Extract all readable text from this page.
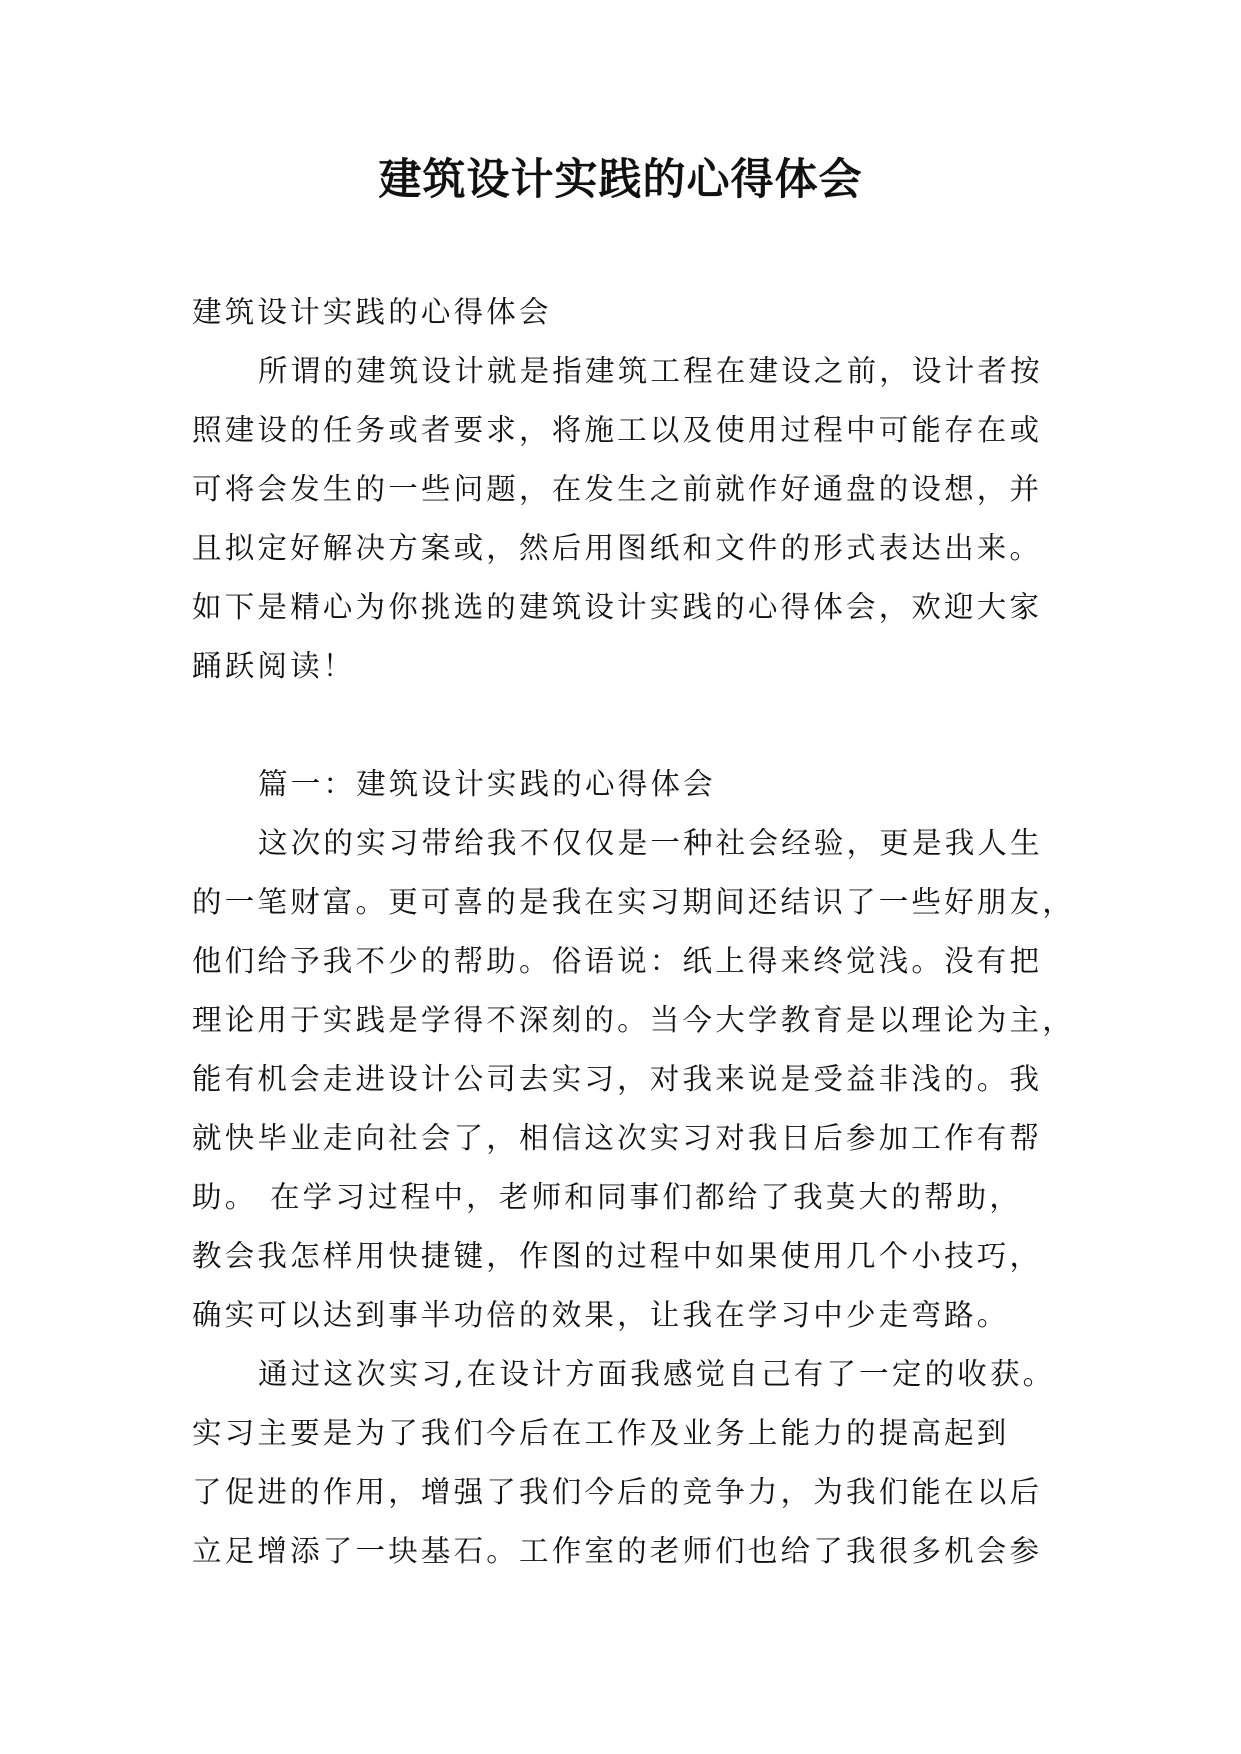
建筑设计实践的心得体会
建筑设计实践的心得体会
所谓的建筑设计就是指建筑工程在建设之前，设计者按
照建设的任务或者要求，将施工以及使用过程中可能存在或
可将会发生的一些问题，在发生之前就作好通盘的设想，并
且拟定好解决方案或，然后用图纸和文件的形式表达出来。
如下是精心为你挑选的建筑设计实践的心得体会，欢迎大家
踊跃阅读！
篇一：建筑设计实践的心得体会
这次的实习带给我不仅仅是一种社会经验，更是我人生
的一笔财富。更可喜的是我在实习期间还结识了一些好朋友，
他们给予我不少的帮助。俗语说：纸上得来终觉浅。没有把
理论用于实践是学得不深刻的。当今大学教育是以理论为主，
能有机会走进设计公司去实习，对我来说是受益非浅的。我
就快毕业走向社会了，相信这次实习对我日后参加工作有帮
助。 在学习过程中，老师和同事们都给了我莫大的帮助，
教会我怎样用快捷键，作图的过程中如果使用几个小技巧，
确实可以达到事半功倍的效果，让我在学习中少走弯路。
通过这次实习,在设计方面我感觉自己有了一定的收获。
实习主要是为了我们今后在工作及业务上能力的提高起到
了促进的作用，增强了我们今后的竞争力，为我们能在以后
立足增添了一块基石。工作室的老师们也给了我很多机会参
